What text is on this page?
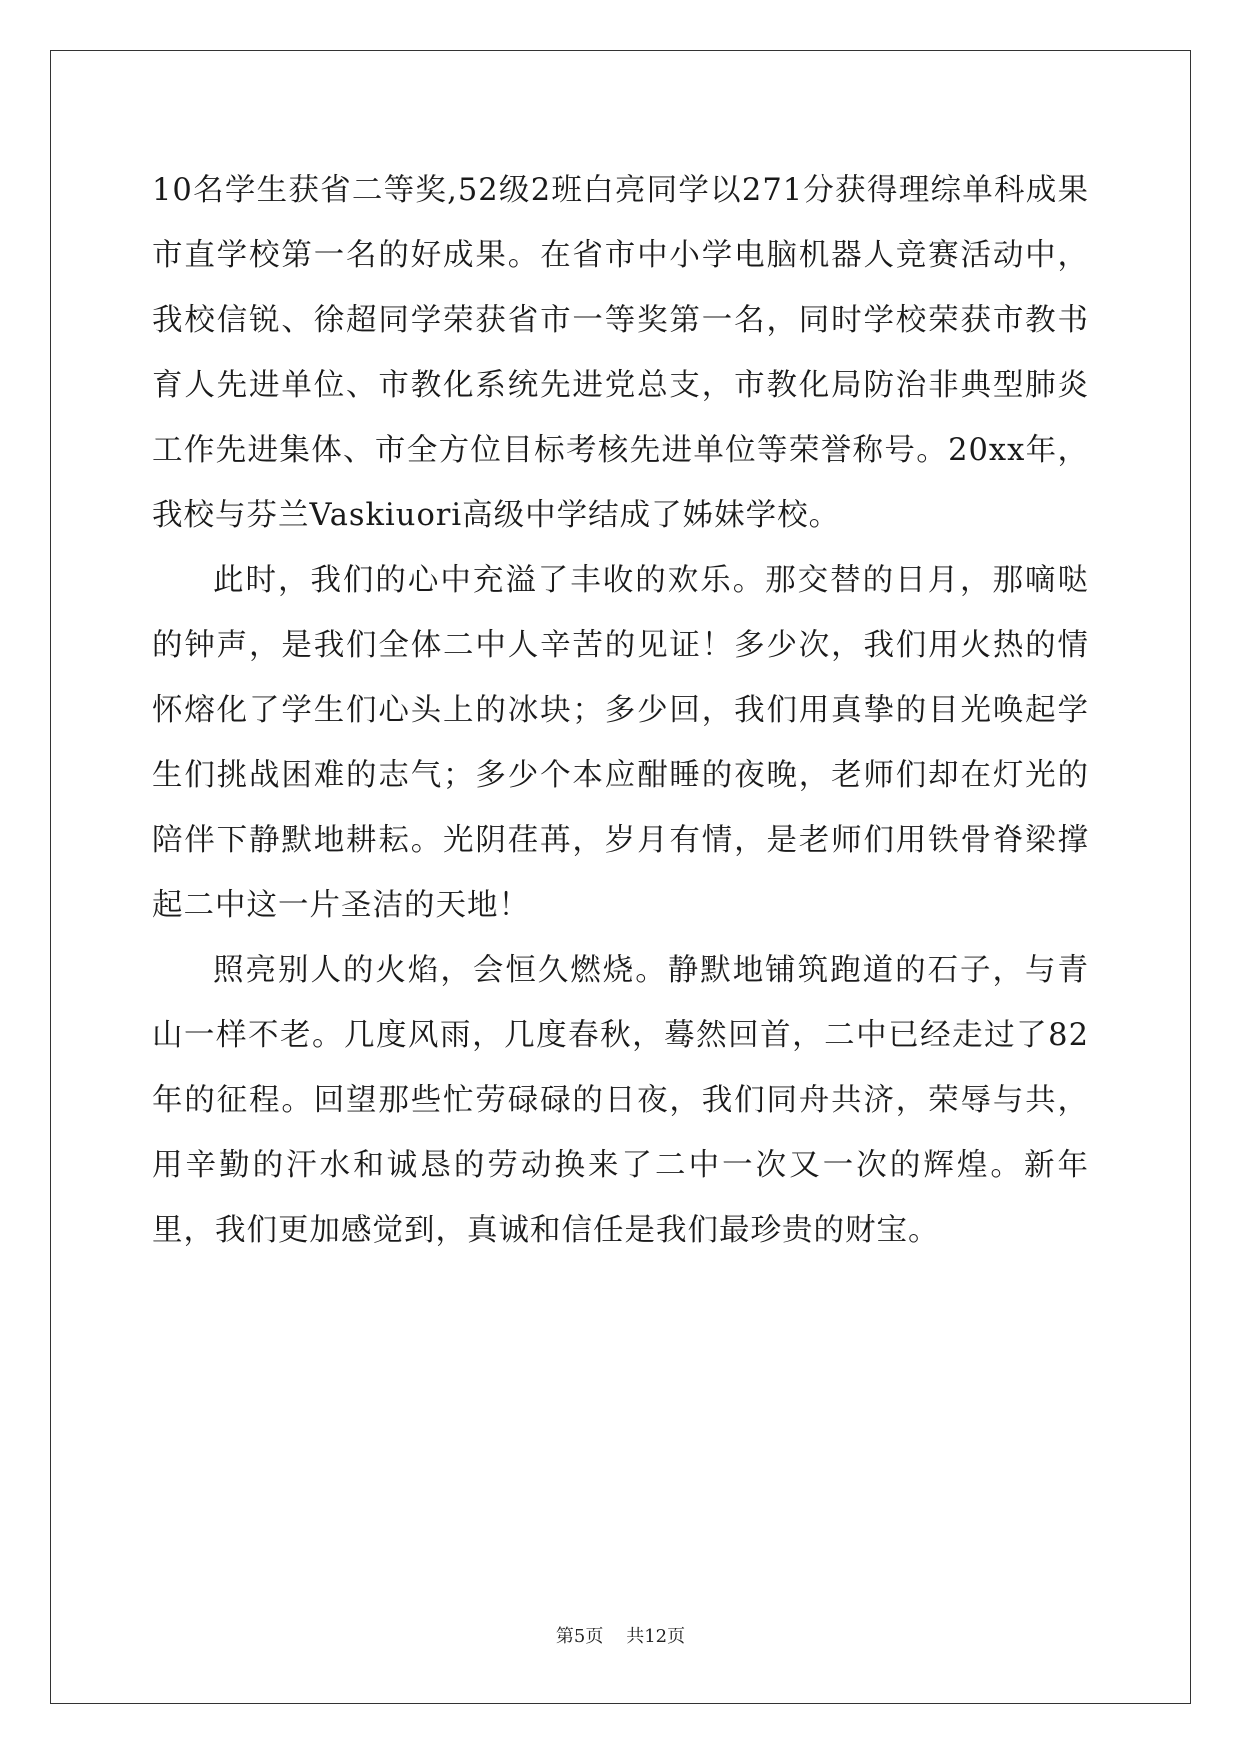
10名学生获省二等奖,52级2班白亮同学以271分获得理综单科成果市直学校第一名的好成果。在省市中小学电脑机器人竞赛活动中，我校信锐、徐超同学荣获省市一等奖第一名，同时学校荣获市教书育人先进单位、市教化系统先进党总支，市教化局防治非典型肺炎工作先进集体、市全方位目标考核先进单位等荣誉称号。20xx年，我校与芬兰Vaskiuori高级中学结成了姊妹学校。

此时，我们的心中充溢了丰收的欢乐。那交替的日月，那嘀哒的钟声，是我们全体二中人辛苦的见证！多少次，我们用火热的情怀熔化了学生们心头上的冰块；多少回，我们用真挚的目光唤起学生们挑战困难的志气；多少个本应酣睡的夜晚，老师们却在灯光的陪伴下静默地耕耘。光阴荏苒，岁月有情，是老师们用铁骨脊梁撑起二中这一片圣洁的天地！

照亮别人的火焰，会恒久燃烧。静默地铺筑跑道的石子，与青山一样不老。几度风雨，几度春秋，蓦然回首，二中已经走过了82年的征程。回望那些忙劳碌碌的日夜，我们同舟共济，荣辱与共，用辛勤的汗水和诚恳的劳动换来了二中一次又一次的辉煌。新年里，我们更加感觉到，真诚和信任是我们最珍贵的财宝。

第5页    共12页
